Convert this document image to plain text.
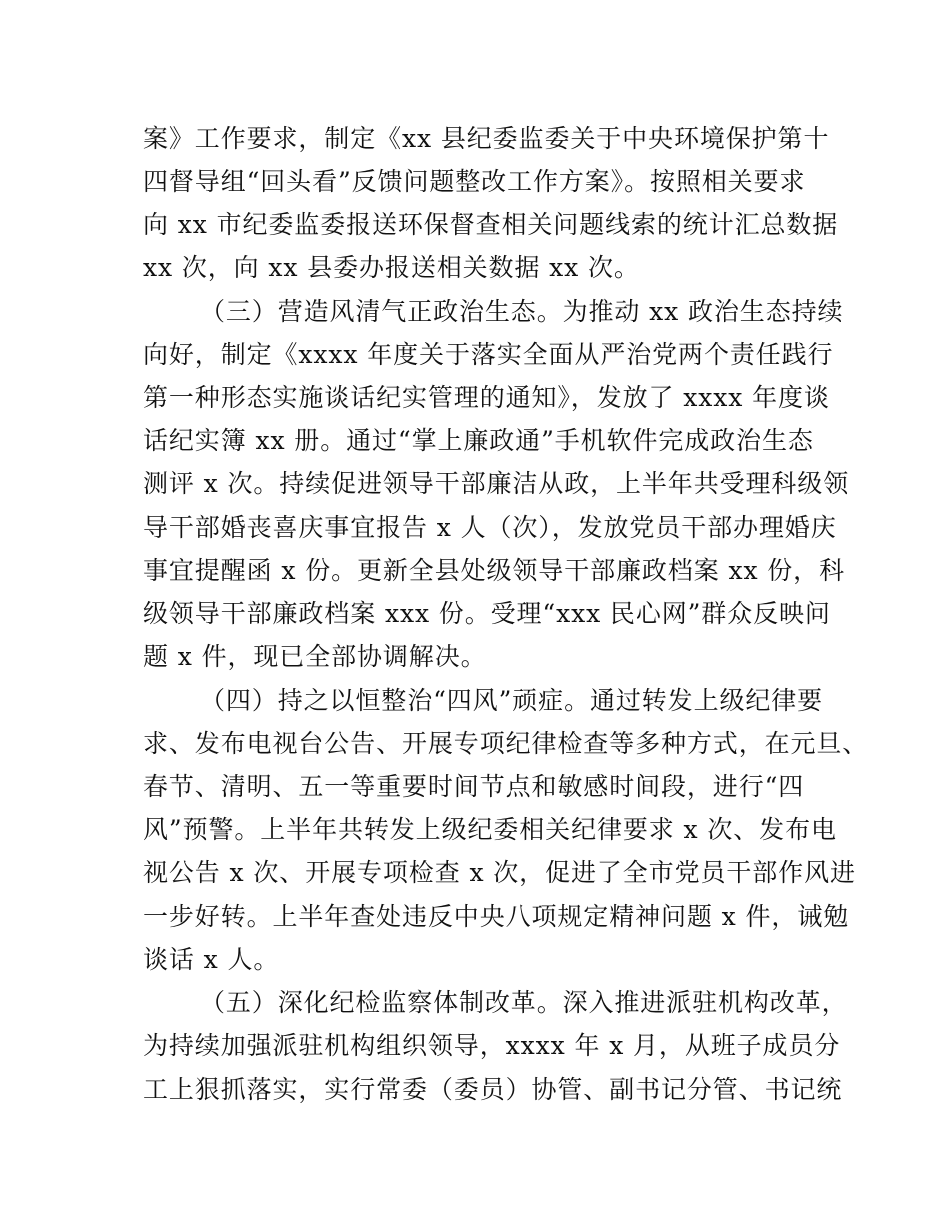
案》工作要求，制定《xx 县纪委监委关于中央环境保护第十
四督导组“回头看”反馈问题整改工作方案》。按照相关要求
向 xx 市纪委监委报送环保督查相关问题线索的统计汇总数据
xx 次，向 xx 县委办报送相关数据 xx 次。
（三）营造风清气正政治生态。为推动 xx 政治生态持续
向好，制定《xxxx 年度关于落实全面从严治党两个责任践行
第一种形态实施谈话纪实管理的通知》，发放了 xxxx 年度谈
话纪实簿 xx 册。通过“掌上廉政通”手机软件完成政治生态
测评 x 次。持续促进领导干部廉洁从政，上半年共受理科级领
导干部婚丧喜庆事宜报告 x 人（次），发放党员干部办理婚庆
事宜提醒函 x 份。更新全县处级领导干部廉政档案 xx 份，科
级领导干部廉政档案 xxx 份。受理“xxx 民心网”群众反映问
题 x 件，现已全部协调解决。
（四）持之以恒整治“四风”顽症。通过转发上级纪律要
求、发布电视台公告、开展专项纪律检查等多种方式，在元旦、
春节、清明、五一等重要时间节点和敏感时间段，进行“四
风”预警。上半年共转发上级纪委相关纪律要求 x 次、发布电
视公告 x 次、开展专项检查 x 次，促进了全市党员干部作风进
一步好转。上半年查处违反中央八项规定精神问题 x 件，诫勉
谈话 x 人。
（五）深化纪检监察体制改革。深入推进派驻机构改革，
为持续加强派驻机构组织领导，xxxx 年 x 月，从班子成员分
工上狠抓落实，实行常委（委员）协管、副书记分管、书记统
